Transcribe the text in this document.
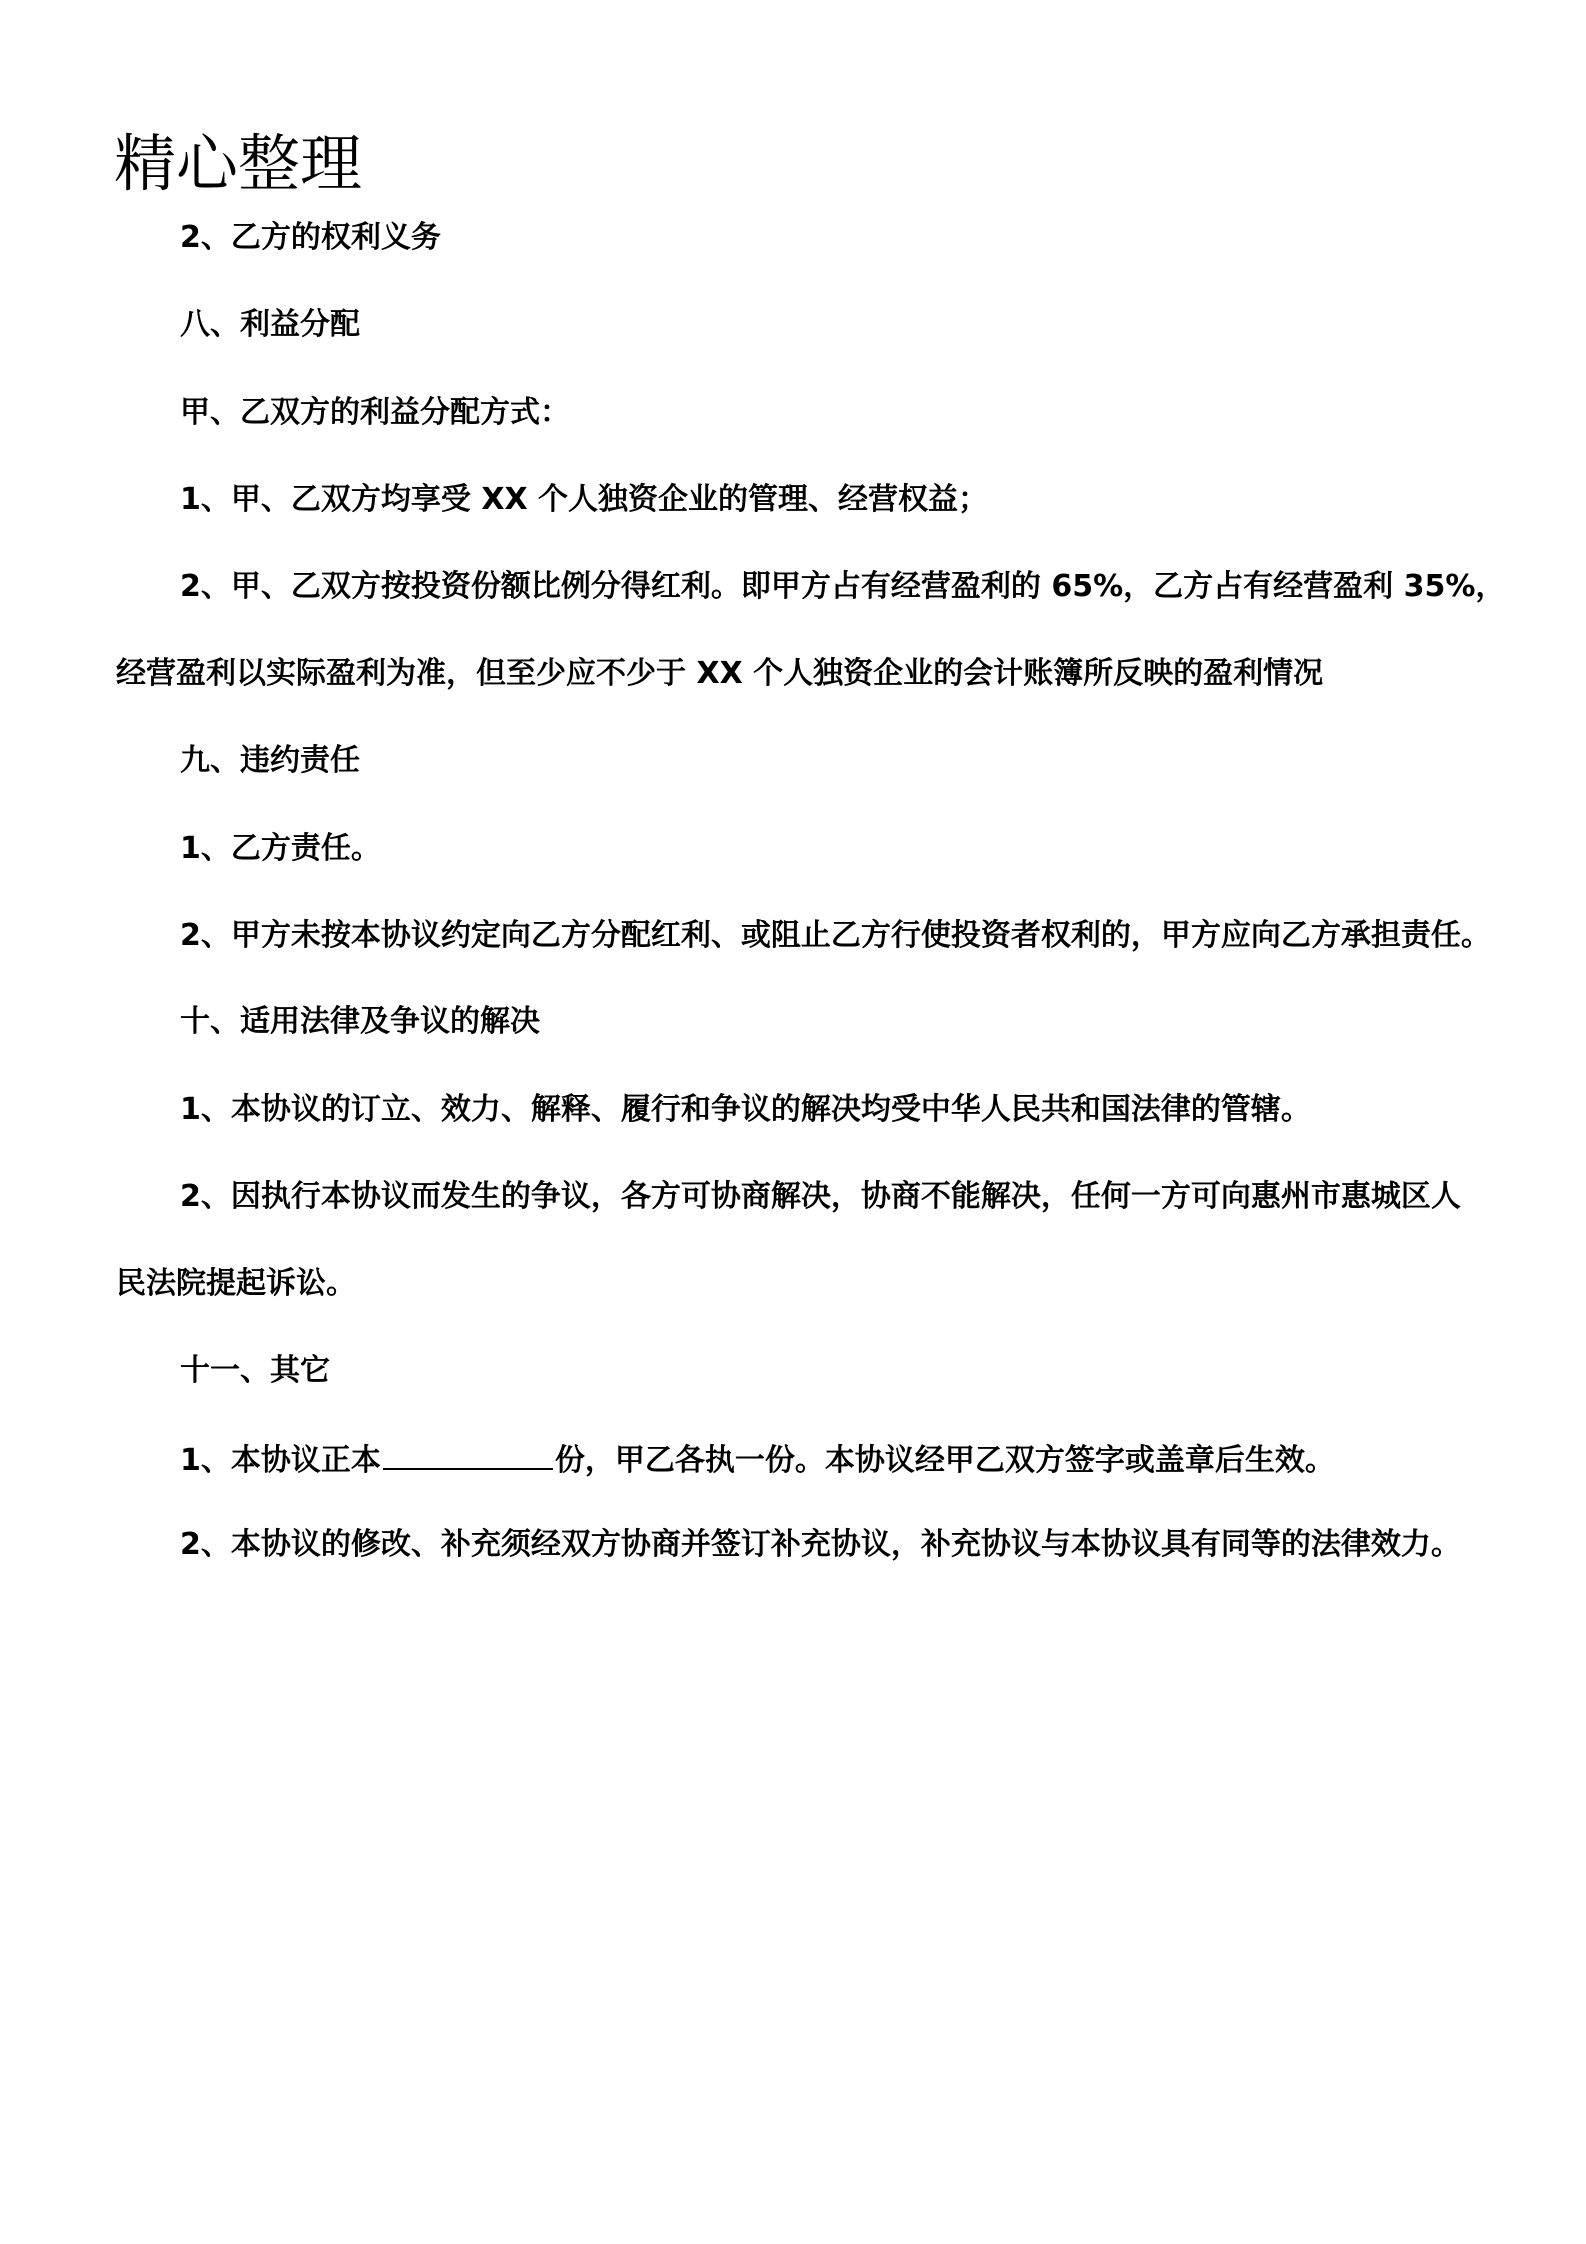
精心整理
2、乙方的权利义务
八、利益分配
甲、乙双方的利益分配方式：
1、甲、乙双方均享受 XX 个人独资企业的管理、经营权益；
2、甲、乙双方按投资份额比例分得红利。即甲方占有经营盈利的 65%，乙方占有经营盈利 35%，
经营盈利以实际盈利为准，但至少应不少于 XX 个人独资企业的会计账簿所反映的盈利情况
九、违约责任
1、乙方责任。
2、甲方未按本协议约定向乙方分配红利、或阻止乙方行使投资者权利的，甲方应向乙方承担责任。
十、适用法律及争议的解决
1、本协议的订立、效力、解释、履行和争议的解决均受中华人民共和国法律的管辖。
2、因执行本协议而发生的争议，各方可协商解决，协商不能解决，任何一方可向惠州市惠城区人
民法院提起诉讼。
十一、其它
1、本协议正本	份，甲乙各执一份。本协议经甲乙双方签字或盖章后生效。
2、本协议的修改、补充须经双方协商并签订补充协议，补充协议与本协议具有同等的法律效力。
